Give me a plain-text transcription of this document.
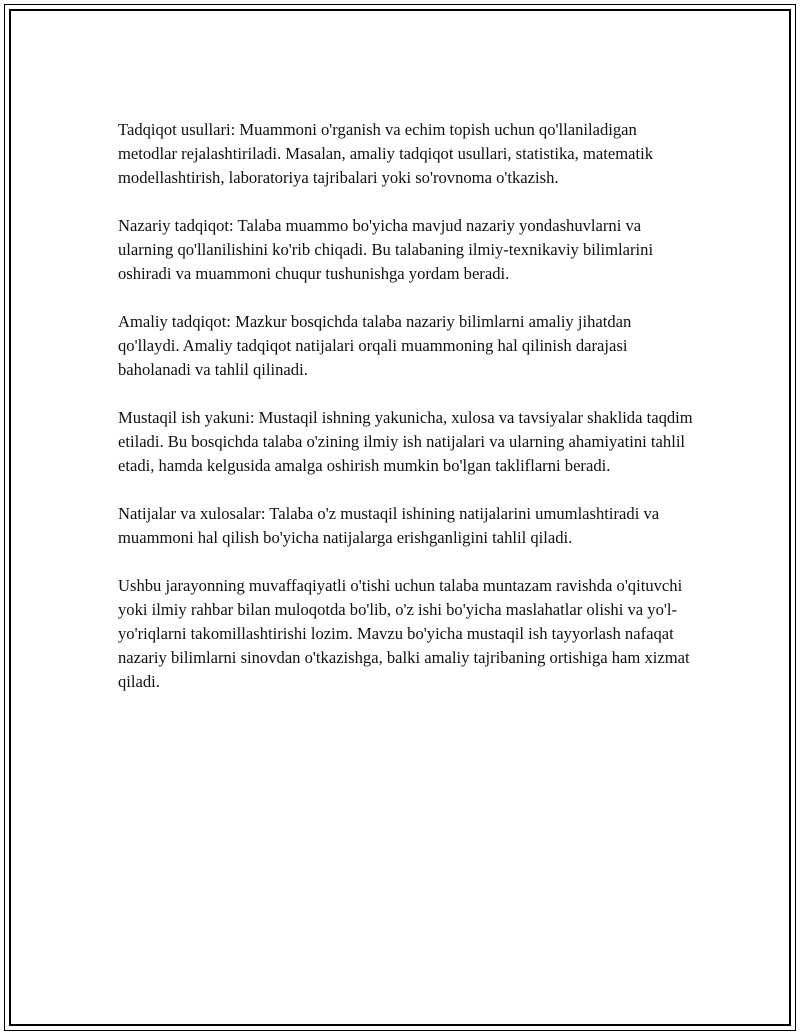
Tadqiqot usullari: Muammoni o'rganish va echim topish uchun qo'llaniladigan metodlar rejalashtiriladi. Masalan, amaliy tadqiqot usullari, statistika, matematik modellashtirish, laboratoriya tajribalari yoki so'rovnoma o'tkazish.

Nazariy tadqiqot: Talaba muammo bo'yicha mavjud nazariy yondashuvlarni va ularning qo'llanilishini ko'rib chiqadi. Bu talabaning ilmiy-texnikaviy bilimlarini oshiradi va muammoni chuqur tushunishga yordam beradi.

Amaliy tadqiqot: Mazkur bosqichda talaba nazariy bilimlarni amaliy jihatdan qo'llaydi. Amaliy tadqiqot natijalari orqali muammoning hal qilinish darajasi baholanadi va tahlil qilinadi.

Mustaqil ish yakuni: Mustaqil ishning yakunicha, xulosa va tavsiyalar shaklida taqdim etiladi. Bu bosqichda talaba o'zining ilmiy ish natijalari va ularning ahamiyatini tahlil etadi, hamda kelgusida amalga oshirish mumkin bo'lgan takliflarni beradi.

Natijalar va xulosalar: Talaba o'z mustaqil ishining natijalarini umumlashtiradi va muammoni hal qilish bo'yicha natijalarga erishganligini tahlil qiladi.

Ushbu jarayonning muvaffaqiyatli o'tishi uchun talaba muntazam ravishda o'qituvchi yoki ilmiy rahbar bilan muloqotda bo'lib, o'z ishi bo'yicha maslahatlar olishi va yo'l-yo'riqlarni takomillashtirishi lozim. Mavzu bo'yicha mustaqil ish tayyorlash nafaqat nazariy bilimlarni sinovdan o'tkazishga, balki amaliy tajribaning ortishiga ham xizmat qiladi.
